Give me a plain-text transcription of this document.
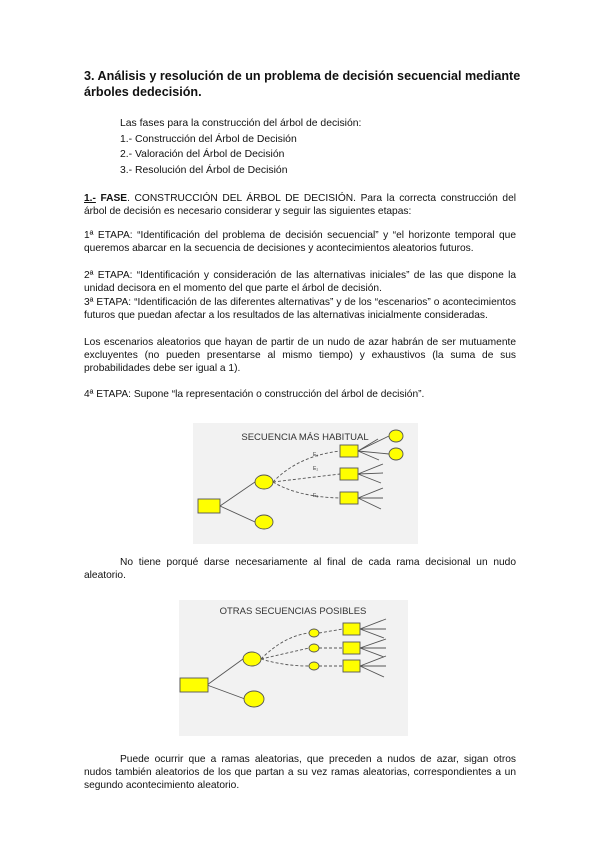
3. Análisis y resolución de un problema de decisión secuencial mediante árboles dedecisión.
Las fases para la construcción del árbol de decisión:
1.- Construcción del Árbol de Decisión
2.- Valoración del Árbol de Decisión
3.- Resolución del Árbol de Decisión
1.- FASE. CONSTRUCCIÓN DEL ÁRBOL DE DECISIÓN. Para la correcta construcción del árbol de decisión es necesario considerar y seguir las siguientes etapas:
1ª ETAPA: “Identificación del problema de decisión secuencial” y “el horizonte temporal que queremos abarcar en la secuencia de decisiones y acontecimientos aleatorios futuros.
2ª ETAPA: “Identificación y consideración de las alternativas iniciales” de las que dispone la unidad decisora en el momento del que parte el árbol de decisión.
3ª ETAPA: “Identificación de las diferentes alternativas” y de los “escenarios” o acontecimientos futuros que puedan afectar a los resultados de las alternativas inicialmente consideradas.
Los escenarios aleatorios que hayan de partir de un nudo de azar habrán de ser mutuamente excluyentes (no pueden presentarse al mismo tiempo) y exhaustivos (la suma de sus probabilidades debe ser igual a 1).
4ª ETAPA: Supone “la representación o construcción del árbol de decisión”.
SECUENCIA MÁS HABITUAL
E₁
E₂
E₃
No tiene porqué darse necesariamente al final de cada rama decisional un nudo aleatorio.
OTRAS SECUENCIAS POSIBLES
Puede ocurrir que a ramas aleatorias, que preceden a nudos de azar, sigan otros nudos también aleatorios de los que partan a su vez ramas aleatorias, correspondientes a un segundo acontecimiento aleatorio.
